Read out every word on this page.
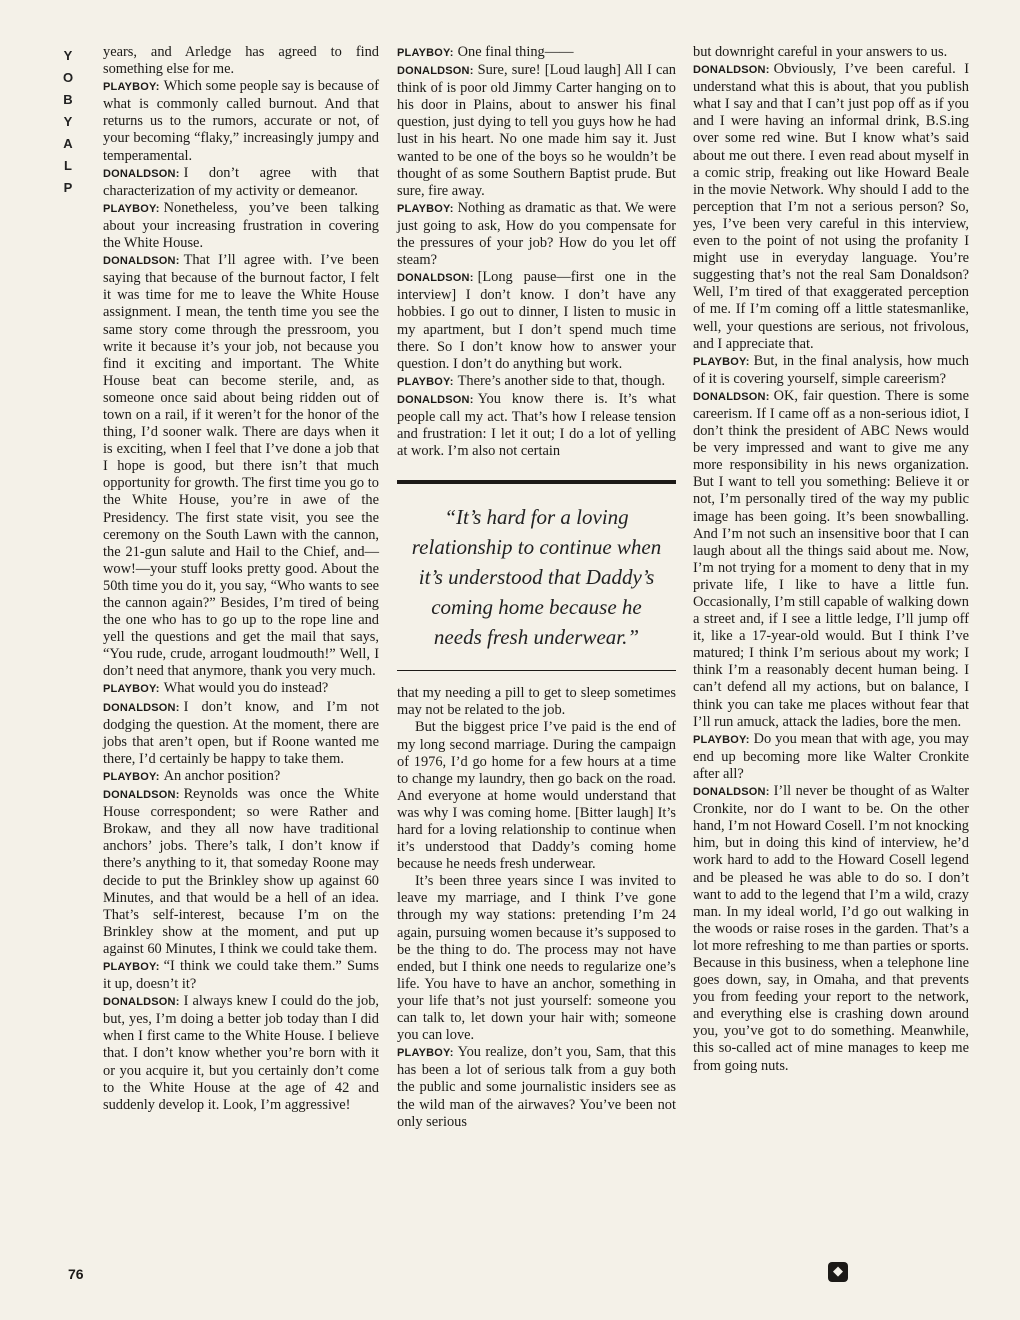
Y
O
B
Y
A
L
P

years, and Arledge has agreed to find something else for me.

PLAYBOY: Which some people say is because of what is commonly called burnout. And that returns us to the rumors, accurate or not, of your becoming “flaky,” increasingly jumpy and temperamental.

DONALDSON: I don’t agree with that characterization of my activity or demeanor.

PLAYBOY: Nonetheless, you’ve been talking about your increasing frustration in covering the White House.

DONALDSON: That I’ll agree with. I’ve been saying that because of the burnout factor, I felt it was time for me to leave the White House assignment. I mean, the tenth time you see the same story come through the pressroom, you write it because it’s your job, not because you find it exciting and important. The White House beat can become sterile, and, as someone once said about being ridden out of town on a rail, if it weren’t for the honor of the thing, I’d sooner walk. There are days when it is exciting, when I feel that I’ve done a job that I hope is good, but there isn’t that much opportunity for growth. The first time you go to the White House, you’re in awe of the Presidency. The first state visit, you see the ceremony on the South Lawn with the cannon, the 21-gun salute and Hail to the Chief, and—wow!—your stuff looks pretty good. About the 50th time you do it, you say, “Who wants to see the cannon again?” Besides, I’m tired of being the one who has to go up to the rope line and yell the questions and get the mail that says, “You rude, crude, arrogant loudmouth!” Well, I don’t need that anymore, thank you very much.

PLAYBOY: What would you do instead?

DONALDSON: I don’t know, and I’m not dodging the question. At the moment, there are jobs that aren’t open, but if Roone wanted me there, I’d certainly be happy to take them.

PLAYBOY: An anchor position?

DONALDSON: Reynolds was once the White House correspondent; so were Rather and Brokaw, and they all now have traditional anchors’ jobs. There’s talk, I don’t know if there’s anything to it, that someday Roone may decide to put the Brinkley show up against 60 Minutes, and that would be a hell of an idea. That’s self-interest, because I’m on the Brinkley show at the moment, and put up against 60 Minutes, I think we could take them.

PLAYBOY: “I think we could take them.” Sums it up, doesn’t it?

DONALDSON: I always knew I could do the job, but, yes, I’m doing a better job today than I did when I first came to the White House. I believe that. I don’t know whether you’re born with it or you acquire it, but you certainly don’t come to the White House at the age of 42 and suddenly develop it. Look, I’m aggressive!

PLAYBOY: One final thing——

DONALDSON: Sure, sure! [Loud laugh] All I can think of is poor old Jimmy Carter hanging on to his door in Plains, about to answer his final question, just dying to tell you guys how he had lust in his heart. No one made him say it. Just wanted to be one of the boys so he wouldn’t be thought of as some Southern Baptist prude. But sure, fire away.

PLAYBOY: Nothing as dramatic as that. We were just going to ask, How do you compensate for the pressures of your job? How do you let off steam?

DONALDSON: [Long pause—first one in the interview] I don’t know. I don’t have any hobbies. I go out to dinner, I listen to music in my apartment, but I don’t spend much time there. So I don’t know how to answer your question. I don’t do anything but work.

PLAYBOY: There’s another side to that, though.

DONALDSON: You know there is. It’s what people call my act. That’s how I release tension and frustration: I let it out; I do a lot of yelling at work. I’m also not certain

“It’s hard for a loving relationship to continue when it’s understood that Daddy’s coming home because he needs fresh underwear.”

that my needing a pill to get to sleep sometimes may not be related to the job.

But the biggest price I’ve paid is the end of my long second marriage. During the campaign of 1976, I’d go home for a few hours at a time to change my laundry, then go back on the road. And everyone at home would understand that was why I was coming home. [Bitter laugh] It’s hard for a loving relationship to continue when it’s understood that Daddy’s coming home because he needs fresh underwear.

It’s been three years since I was invited to leave my marriage, and I think I’ve gone through my way stations: pretending I’m 24 again, pursuing women because it’s supposed to be the thing to do. The process may not have ended, but I think one needs to regularize one’s life. You have to have an anchor, something in your life that’s not just yourself: someone you can talk to, let down your hair with; someone you can love.

PLAYBOY: You realize, don’t you, Sam, that this has been a lot of serious talk from a guy both the public and some journalistic insiders see as the wild man of the airwaves? You’ve been not only serious

but downright careful in your answers to us.

DONALDSON: Obviously, I’ve been careful. I understand what this is about, that you publish what I say and that I can’t just pop off as if you and I were having an informal drink, B.S.ing over some red wine. But I know what’s said about me out there. I even read about myself in a comic strip, freaking out like Howard Beale in the movie Network. Why should I add to the perception that I’m not a serious person? So, yes, I’ve been very careful in this interview, even to the point of not using the profanity I might use in everyday language. You’re suggesting that’s not the real Sam Donaldson? Well, I’m tired of that exaggerated perception of me. If I’m coming off a little statesmanlike, well, your questions are serious, not frivolous, and I appreciate that.

PLAYBOY: But, in the final analysis, how much of it is covering yourself, simple careerism?

DONALDSON: OK, fair question. There is some careerism. If I came off as a non-serious idiot, I don’t think the president of ABC News would be very impressed and want to give me any more responsibility in his news organization. But I want to tell you something: Believe it or not, I’m personally tired of the way my public image has been going. It’s been snowballing. And I’m not such an insensitive boor that I can laugh about all the things said about me. Now, I’m not trying for a moment to deny that in my private life, I like to have a little fun. Occasionally, I’m still capable of walking down a street and, if I see a little ledge, I’ll jump off it, like a 17-year-old would. But I think I’ve matured; I think I’m serious about my work; I think I’m a reasonably decent human being. I can’t defend all my actions, but on balance, I think you can take me places without fear that I’ll run amuck, attack the ladies, bore the men.

PLAYBOY: Do you mean that with age, you may end up becoming more like Walter Cronkite after all?

DONALDSON: I’ll never be thought of as Walter Cronkite, nor do I want to be. On the other hand, I’m not Howard Cosell. I’m not knocking him, but in doing this kind of interview, he’d work hard to add to the Howard Cosell legend and be pleased he was able to do so. I don’t want to add to the legend that I’m a wild, crazy man. In my ideal world, I’d go out walking in the woods or raise roses in the garden. That’s a lot more refreshing to me than parties or sports. Because in this business, when a telephone line goes down, say, in Omaha, and that prevents you from feeding your report to the network, and everything else is crashing down around you, you’ve got to do something. Meanwhile, this so-called act of mine manages to keep me from going nuts.

76	◆
